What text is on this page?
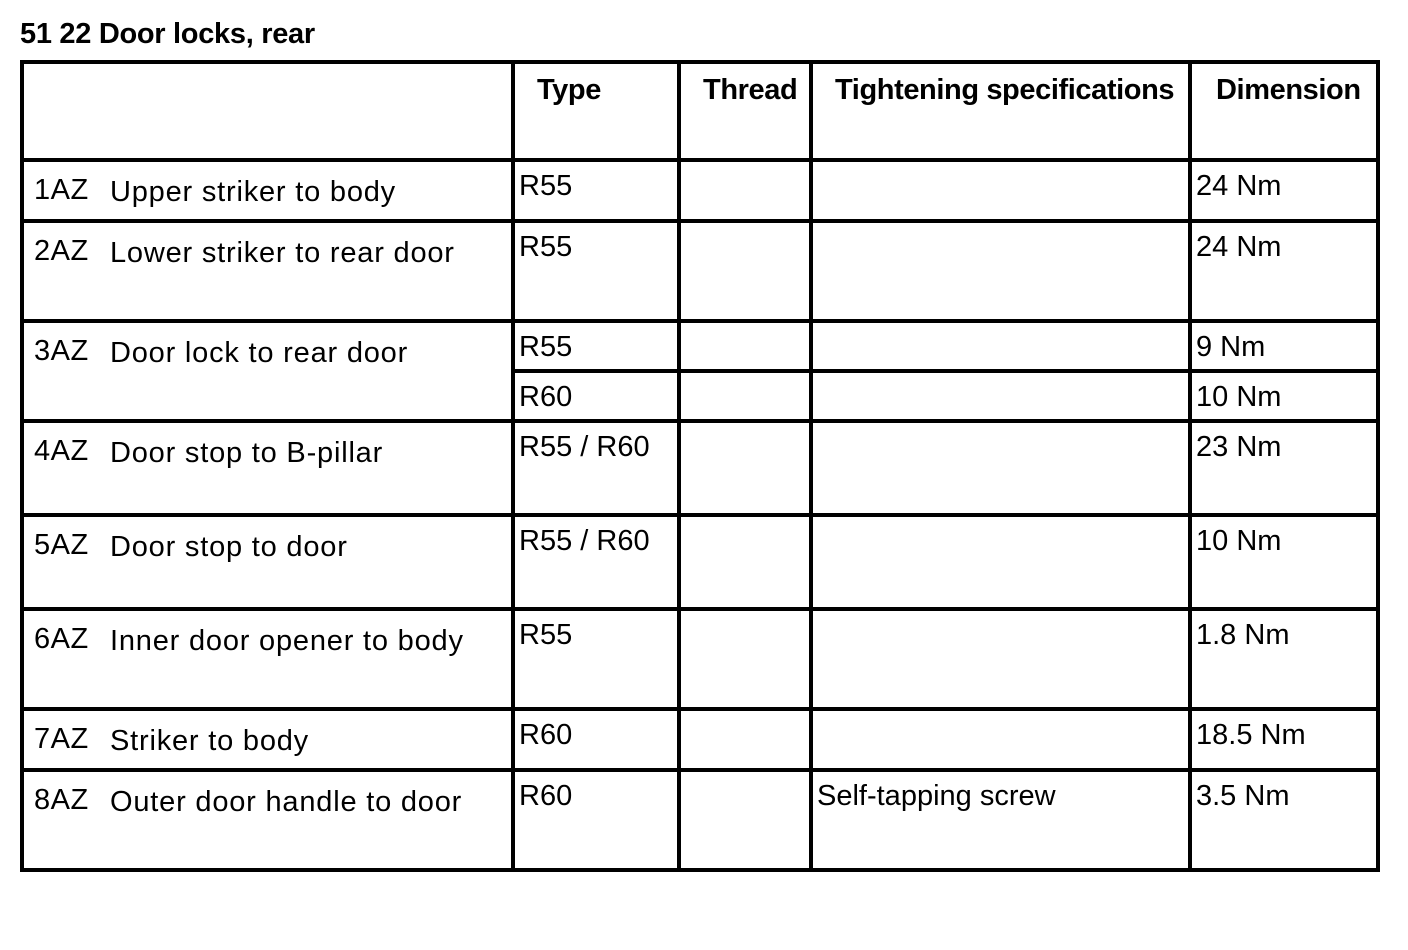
51 22 Door locks, rear

	Type	Thread	Tightening specifications	Dimension

1AZ Upper striker to body	R55			24 Nm

2AZ Lower striker to rear door	R55			24 Nm

3AZ Door lock to rear door	R55			9 Nm

	R60			10 Nm

4AZ Door stop to B-pillar	R55 / R60			23 Nm

5AZ Door stop to door	R55 / R60			10 Nm

6AZ Inner door opener to body	R55			1.8 Nm

7AZ Striker to body	R60			18.5 Nm

8AZ Outer door handle to door	R60		Self-tapping screw	3.5 Nm
